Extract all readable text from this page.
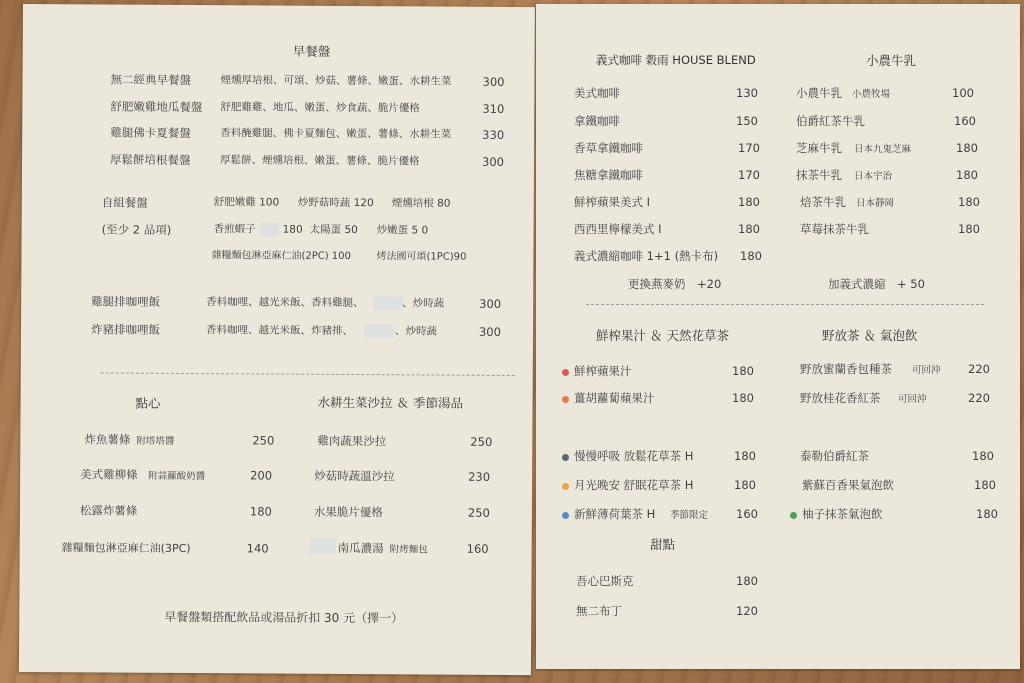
早餐盤
無二經典早餐盤	煙燻厚培根、可頌、炒菇、薯條、嫩蛋、水耕生菜	300
舒肥嫩雞地瓜餐盤 舒肥雞雞、地瓜、嫩蛋、炒食蔬、脆片優格	310
雞腿佛卡夏餐盤	香料醃雞腿、佛卡夏麵包、嫩蛋、薯條、水耕生菜	330
厚鬆餅培根餐盤	厚鬆餅、煙燻培根、嫩蛋、薯條、脆片優格	300
自組餐盤
(至少 2 品項)
舒肥嫩雞 100 炒野菇時蔬 120 煙燻培根 80
香煎蝦子	180 太陽蛋 50 炒嫩蛋 5 0
雜糧麵包淋亞麻仁油(2PC) 100	烤法國可頌(1PC)90
雞腿排咖哩飯	香料咖哩、越光米飯、香料雞腿、	、炒時蔬	300
炸豬排咖哩飯	香料咖哩、越光米飯、炸豬排、	、炒時蔬	300
點心	水耕生菜沙拉 ＆ 季節湯品
炸魚薯條 附塔塔醬	250
美式雞柳條 附蒜蘿酸奶醬	200
松露炸薯條	180
雜糧麵包淋亞麻仁油(3PC)	140
雞肉蔬果沙拉	250
炒菇時蔬溫沙拉	230
水果脆片優格	250
南瓜濃湯 附烤麵包	160
早餐盤類搭配飲品或湯品折扣 30 元（擇一）
義式咖啡 穀雨 HOUSE BLEND	小農牛乳
美式咖啡	130
拿鐵咖啡	150
香草拿鐵咖啡	170
焦糖拿鐵咖啡	170
鮮榨蘋果美式 I	180
西西里檸檬美式 I	180
義式濃縮咖啡 1+1 (熱卡布) 180
更換燕麥奶　+20
小農牛乳 小農牧場	100
伯爵紅茶牛乳	160
芝麻牛乳 日本九鬼芝麻	180
抹茶牛乳 日本宇治	180
焙茶牛乳 日本靜岡	180
草莓抹茶牛乳	180
加義式濃縮　+ 50
鮮榨果汁 ＆ 天然花草茶	野放茶 ＆ 氣泡飲
鮮榨蘋果汁	180
薑胡蘿蔔蘋果汁	180
慢慢呼吸 放鬆花草茶 H	180
月光晚安 舒眠花草茶 H	180
新鮮薄荷葉茶 H 季節限定 160
野放蜜蘭香包種茶 可回沖 220
野放桂花香紅茶 可回沖	220
泰勒伯爵紅茶	180
紫蘇百香果氣泡飲	180
柚子抹茶氣泡飲	180
甜點
吾心巴斯克	180
無二布丁	120
